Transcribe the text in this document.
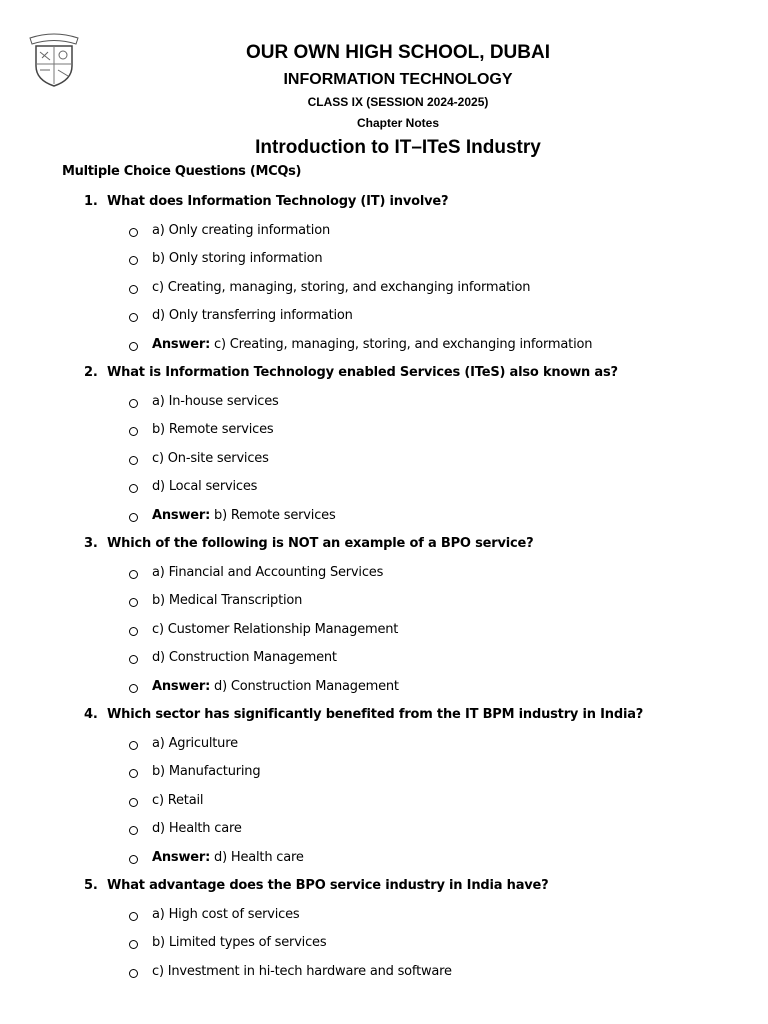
OUR OWN HIGH SCHOOL, DUBAI
INFORMATION TECHNOLOGY
CLASS IX (SESSION 2024-2025)
Chapter Notes
Introduction to IT–ITeS Industry
Multiple Choice Questions (MCQs)
1. What does Information Technology (IT) involve?
a) Only creating information
b) Only storing information
c) Creating, managing, storing, and exchanging information
d) Only transferring information
Answer: c) Creating, managing, storing, and exchanging information
2. What is Information Technology enabled Services (ITeS) also known as?
a) In-house services
b) Remote services
c) On-site services
d) Local services
Answer: b) Remote services
3. Which of the following is NOT an example of a BPO service?
a) Financial and Accounting Services
b) Medical Transcription
c) Customer Relationship Management
d) Construction Management
Answer: d) Construction Management
4. Which sector has significantly benefited from the IT BPM industry in India?
a) Agriculture
b) Manufacturing
c) Retail
d) Health care
Answer: d) Health care
5. What advantage does the BPO service industry in India have?
a) High cost of services
b) Limited types of services
c) Investment in hi-tech hardware and software
